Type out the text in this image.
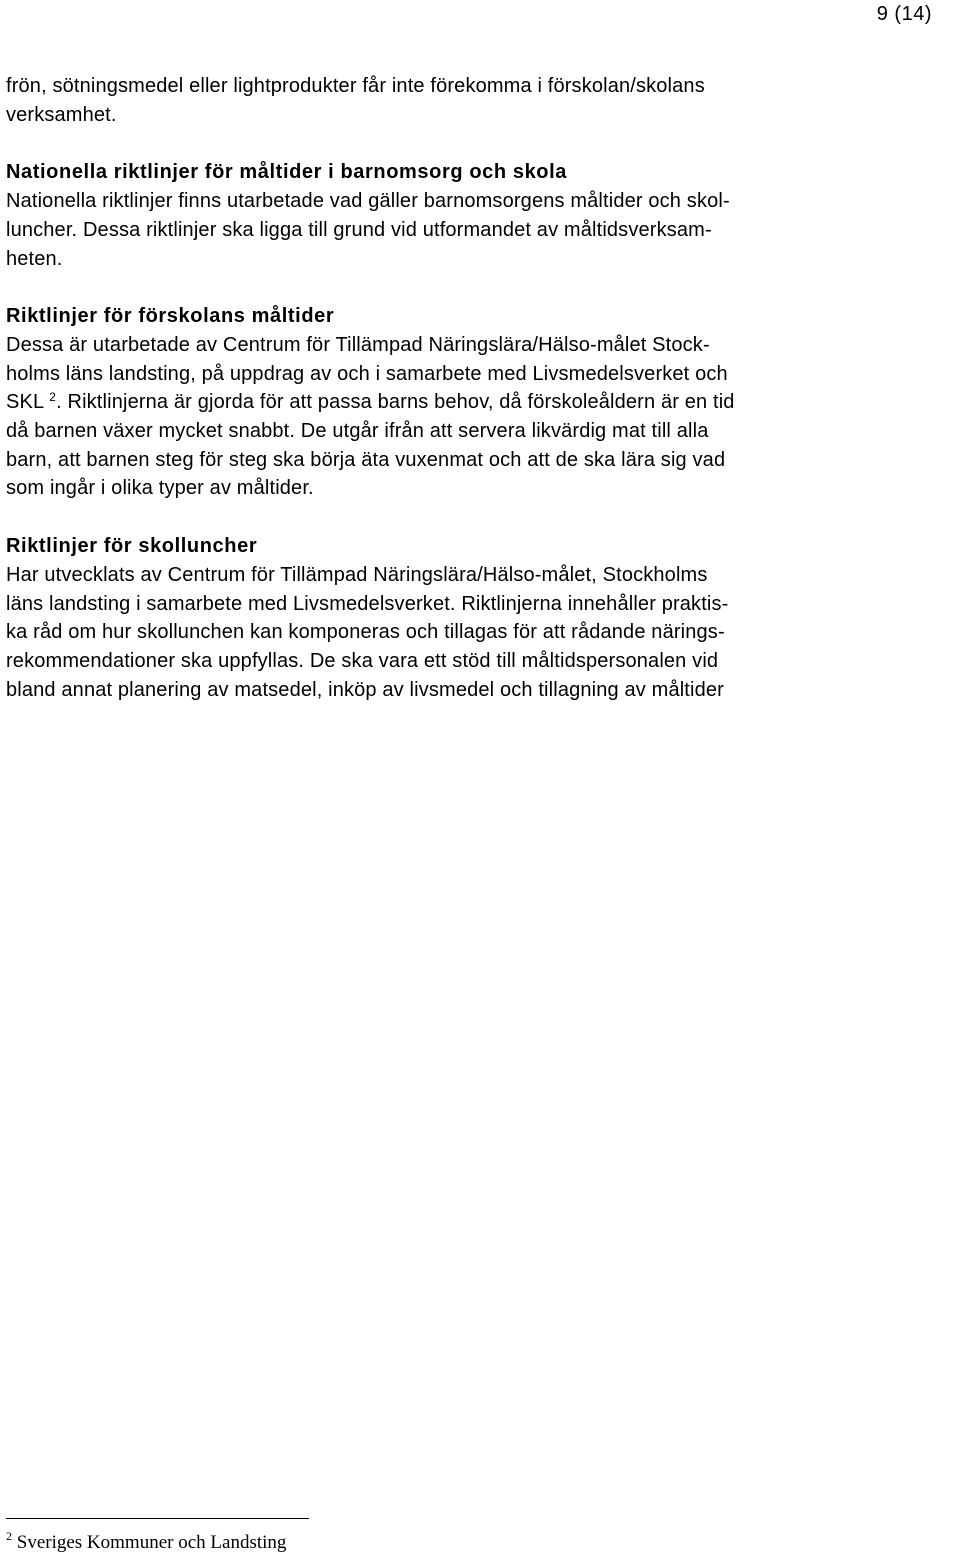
9 (14)
frön, sötningsmedel eller lightprodukter får inte förekomma i förskolan/skolans
verksamhet.
Nationella riktlinjer för måltider i barnomsorg och skola
Nationella riktlinjer finns utarbetade vad gäller barnomsorgens måltider och skol-
luncher. Dessa riktlinjer ska ligga till grund vid utformandet av måltidsverksam-
heten.
Riktlinjer för förskolans måltider
Dessa är utarbetade av Centrum för Tillämpad Näringslära/Hälso-målet Stock-
holms läns landsting, på uppdrag av och i samarbete med Livsmedelsverket och
SKL $^2$. Riktlinjerna är gjorda för att passa barns behov, då förskoleåldern är en tid
då barnen växer mycket snabbt. De utgår ifrån att servera likvärdig mat till alla
barn, att barnen steg för steg ska börja äta vuxenmat och att de ska lära sig vad
som ingår i olika typer av måltider.
Riktlinjer för skolluncher
Har utvecklats av Centrum för Tillämpad Näringslära/Hälso-målet, Stockholms
läns landsting i samarbete med Livsmedelsverket. Riktlinjerna innehåller praktis-
ka råd om hur skollunchen kan komponeras och tillagas för att rådande närings-
rekommendationer ska uppfyllas. De ska vara ett stöd till måltidspersonalen vid
bland annat planering av matsedel, inköp av livsmedel och tillagning av måltider
$^2$ Sveriges Kommuner och Landsting
